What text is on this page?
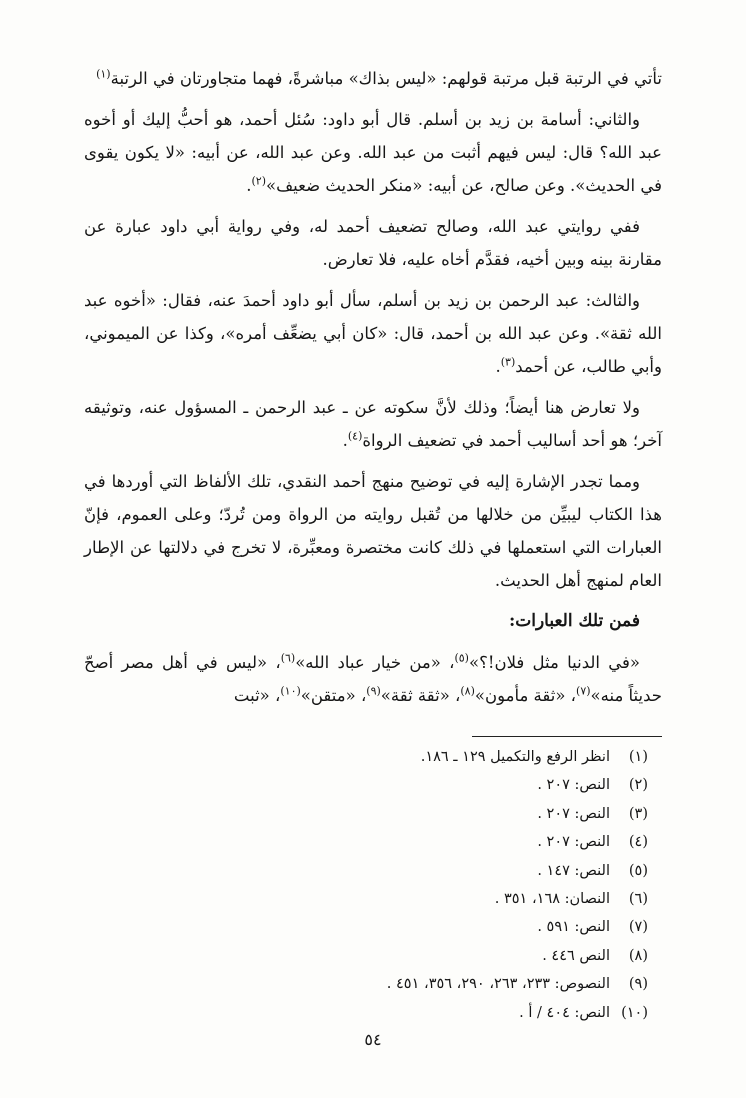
تأتي في الرتبة قبل مرتبة قولهم: «ليس بذاك» مباشرةً، فهما متجاورتان في الرتبة$^{(١)}$

والثاني: أسامة بن زيد بن أسلم. قال أبو داود: سُئل أحمد، هو أحبُّ إليك أو أخوه عبد الله؟ قال: ليس فيهم أثبت من عبد الله. وعن عبد الله، عن أبيه: «لا يكون يقوى في الحديث». وعن صالح، عن أبيه: «منكر الحديث ضعيف»$^{(٢)}$.

ففي روايتي عبد الله، وصالح تضعيف أحمد له، وفي رواية أبي داود عبارة عن مقارنة بينه وبين أخيه، فقدَّم أخاه عليه، فلا تعارض.

والثالث: عبد الرحمن بن زيد بن أسلم، سأل أبو داود أحمدَ عنه، فقال: «أخوه عبد الله ثقة». وعن عبد الله بن أحمد، قال: «كان أبي يضعِّف أمره»، وكذا عن الميموني، وأبي طالب، عن أحمد$^{(٣)}$.

ولا تعارض هنا أيضاً؛ وذلك لأنَّ سكوته عن ـ عبد الرحمن ـ المسؤول عنه، وتوثيقه آخر؛ هو أحد أساليب أحمد في تضعيف الرواة$^{(٤)}$.

ومما تجدر الإشارة إليه في توضيح منهج أحمد النقدي، تلك الألفاظ التي أوردها في هذا الكتاب ليبيِّن من خلالها من تُقبل روايته من الرواة ومن تُردّ؛ وعلى العموم، فإنّ العبارات التي استعملها في ذلك كانت مختصرة ومعبِّرة، لا تخرج في دلالتها عن الإطار العام لمنهج أهل الحديث.

فمن تلك العبارات:

«في الدنيا مثل فلان!؟»$^{(٥)}$، «من خيار عباد الله»$^{(٦)}$، «ليس في أهل مصر أصحّ حديثاً منه»$^{(٧)}$، «ثقة مأمون»$^{(٨)}$، «ثقة ثقة»$^{(٩)}$، «متقن»$^{(١٠)}$، «ثبت

(١)انظر الرفع والتكميل ١٢٩ ـ ١٨٦.
(٢)النص: ٢٠٧ .
(٣)النص: ٢٠٧ .
(٤)النص: ٢٠٧ .
(٥)النص: ١٤٧ .
(٦)النصان: ١٦٨، ٣٥١ .
(٧)النص: ٥٩١ .
(٨)النص ٤٤٦ .
(٩)النصوص: ٢٣٣، ٢٦٣، ٢٩٠، ٣٥٦، ٤٥١ .
(١٠)النص: ٤٠٤ / أ .
٥٤
